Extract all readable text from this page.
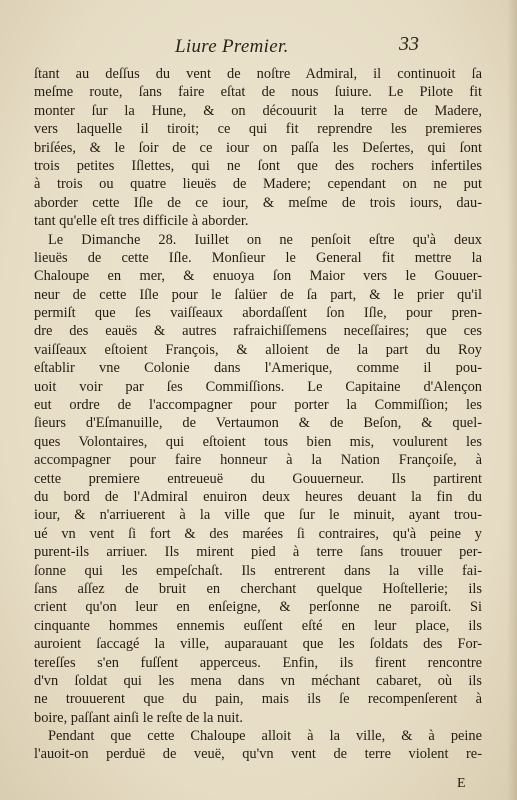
Liure Premier.	33
ſtant au deſſus du vent de noſtre Admiral, il continuoit ſa
meſme route, ſans faire eſtat de nous ſuiure. Le Pilote fit
monter ſur la Hune, & on découurit la terre de Madere,
vers laquelle il tiroit; ce qui fit reprendre les premieres
briſées, & le ſoir de ce iour on paſſa les Deſertes, qui ſont
trois petites Iſlettes, qui ne ſont que des rochers infertiles
à trois ou quatre lieuës de Madere; cependant on ne put
aborder cette Iſle de ce iour, & meſme de trois iours, dau-
tant qu'elle eſt tres difficile à aborder.
Le Dimanche 28. Iuillet on ne penſoit eſtre qu'à deux
lieuës de cette Iſle. Monſieur le General fit mettre la
Chaloupe en mer, & enuoya ſon Maior vers le Gouuer-
neur de cette Iſle pour le ſalüer de ſa part, & le prier qu'il
permiſt que ſes vaiſſeaux abordaſſent ſon Iſle, pour pren-
dre des eauës & autres rafraichiſſemens neceſſaires; que ces
vaiſſeaux eſtoient François, & alloient de la part du Roy
eſtablir vne Colonie dans l'Amerique, comme il pou-
uoit voir par ſes Commiſſions. Le Capitaine d'Alençon
eut ordre de l'accompagner pour porter la Commiſſion; les
ſieurs d'Eſmanuille, de Vertaumon & de Beſon, & quel-
ques Volontaires, qui eſtoient tous bien mis, voulurent les
accompagner pour faire honneur à la Nation Françoiſe, à
cette premiere entreueuë du Gouuerneur. Ils partirent
du bord de l'Admiral enuiron deux heures deuant la fin du
iour, & n'arriuerent à la ville que ſur le minuit, ayant trou-
ué vn vent ſi fort & des marées ſi contraires, qu'à peine y
purent-ils arriuer. Ils mirent pied à terre ſans trouuer per-
ſonne qui les empeſchaſt. Ils entrerent dans la ville fai-
ſans aſſez de bruit en cherchant quelque Hoſtellerie; ils
crient qu'on leur en enſeigne, & perſonne ne paroiſt. Si
cinquante hommes ennemis euſſent eſté en leur place, ils
auroient ſaccagé la ville, auparauant que les ſoldats des For-
tereſſes s'en fuſſent apperceus. Enfin, ils firent rencontre
d'vn ſoldat qui les mena dans vn méchant cabaret, où ils
ne trouuerent que du pain, mais ils ſe recompenſerent à
boire, paſſant ainſi le reſte de la nuit.
Pendant que cette Chaloupe alloit à la ville, & à peine
l'auoit-on perduë de veuë, qu'vn vent de terre violent re-
E
